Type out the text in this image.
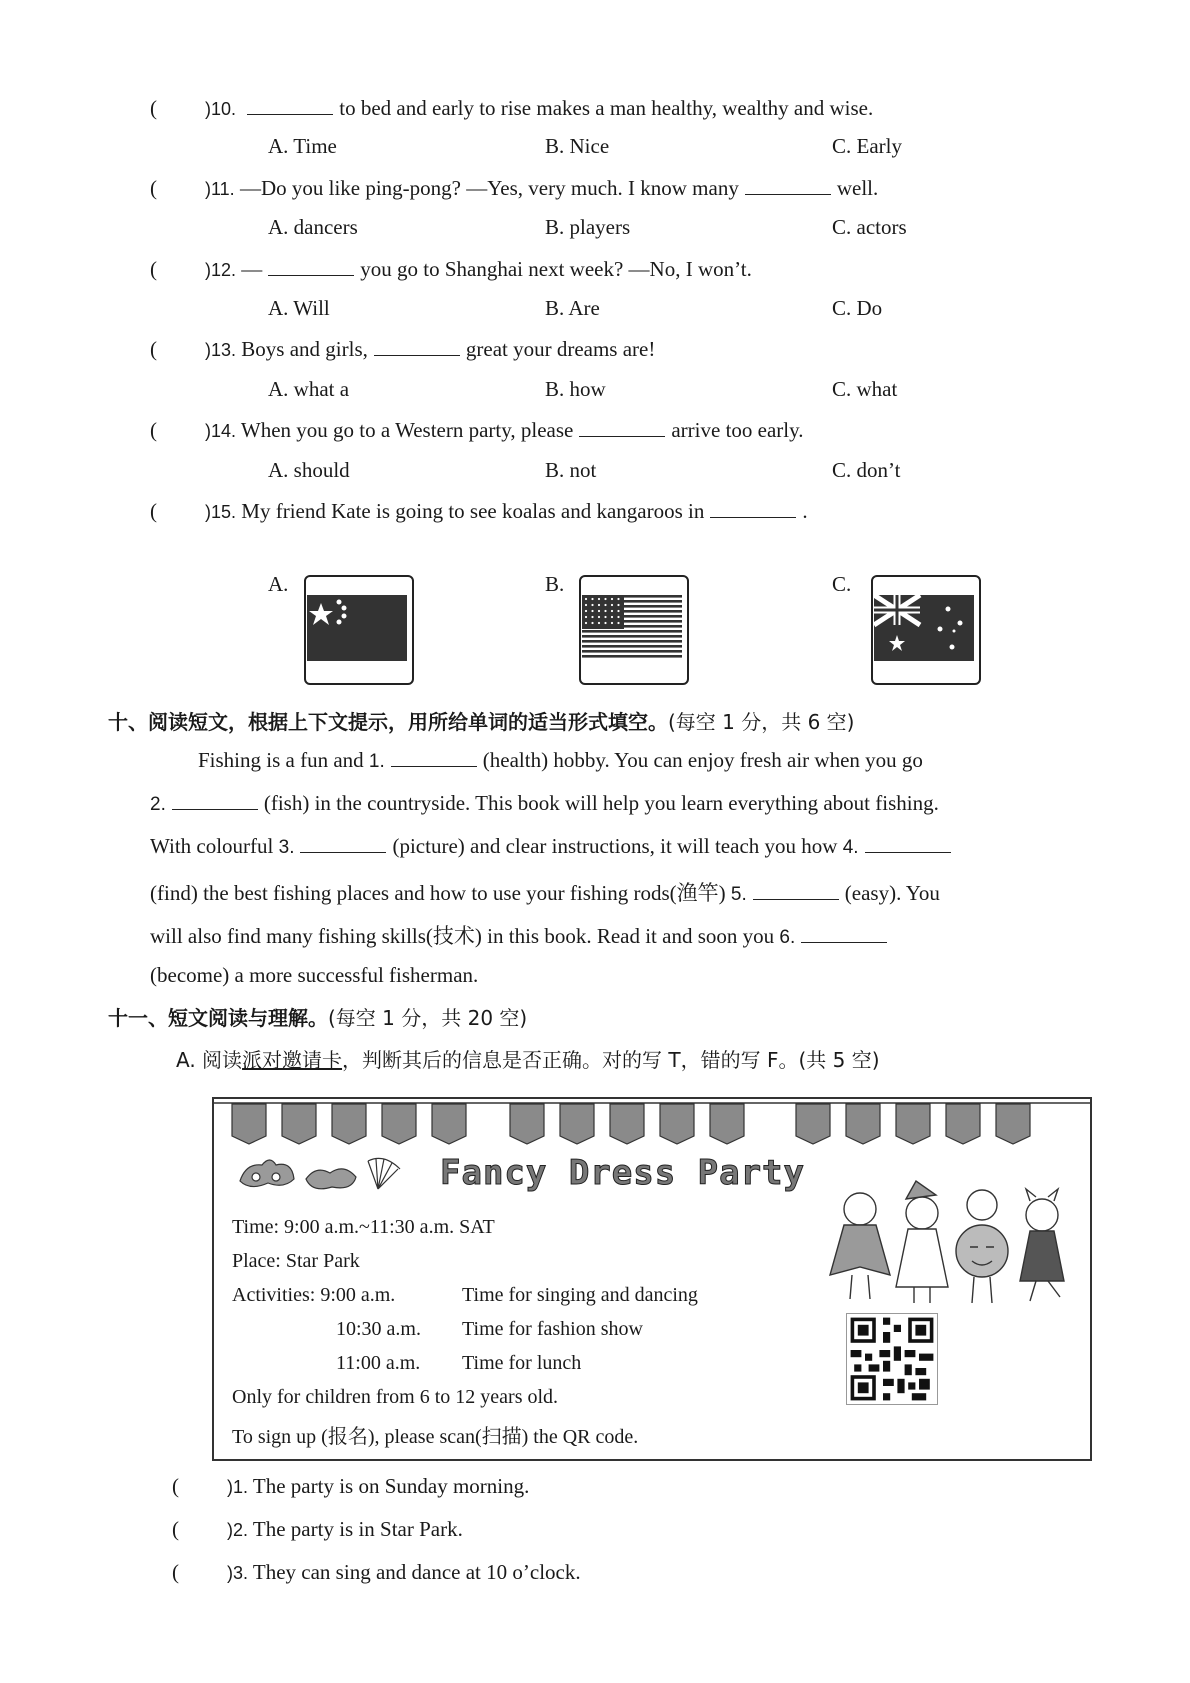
(	)10.	to bed and early to rise makes a man healthy, wealthy and wise.
A. Time	B. Nice	C. Early
(	)11. —Do you like ping-pong? —Yes, very much. I know many	well.
A. dancers	B. players	C. actors
(	)12. —	you go to Shanghai next week? —No, I won’t.
A. Will	B. Are	C. Do
(	)13. Boys and girls,	great your dreams are!
A. what a	B. how	C. what
(	)14. When you go to a Western party, please	arrive too early.
A. should	B. not	C. don’t
(	)15. My friend Kate is going to see koalas and kangaroos in	.
A.	B.	C.
十、阅读短文，根据上下文提示，用所给单词的适当形式填空。(每空 1 分，共 6 空)
Fishing is a fun and 1.	(health) hobby. You can enjoy fresh air when you go
2.	(fish) in the countryside. This book will help you learn everything about fishing.
With colourful 3.	(picture) and clear instructions, it will teach you how 4.
(find) the best fishing places and how to use your fishing rods(渔竿) 5.	(easy). You
will also find many fishing skills(技术) in this book. Read it and soon you 6.
(become) a more successful fisherman.
十一、短文阅读与理解。(每空 1 分，共 20 空)
A. 阅读派对邀请卡，判断其后的信息是否正确。对的写 T，错的写 F。(共 5 空)
Fancy Dress Party
Time: 9:00 a.m.~11:30 a.m. SAT
Place: Star Park
Activities: 9:00 a.m.	Time for singing and dancing
10:30 a.m. Time for fashion show
11:00 a.m. Time for lunch
Only for children from 6 to 12 years old.
To sign up (报名), please scan(扫描) the QR code.
(	)1. The party is on Sunday morning.
(	)2. The party is in Star Park.
(	)3. They can sing and dance at 10 o’clock.
